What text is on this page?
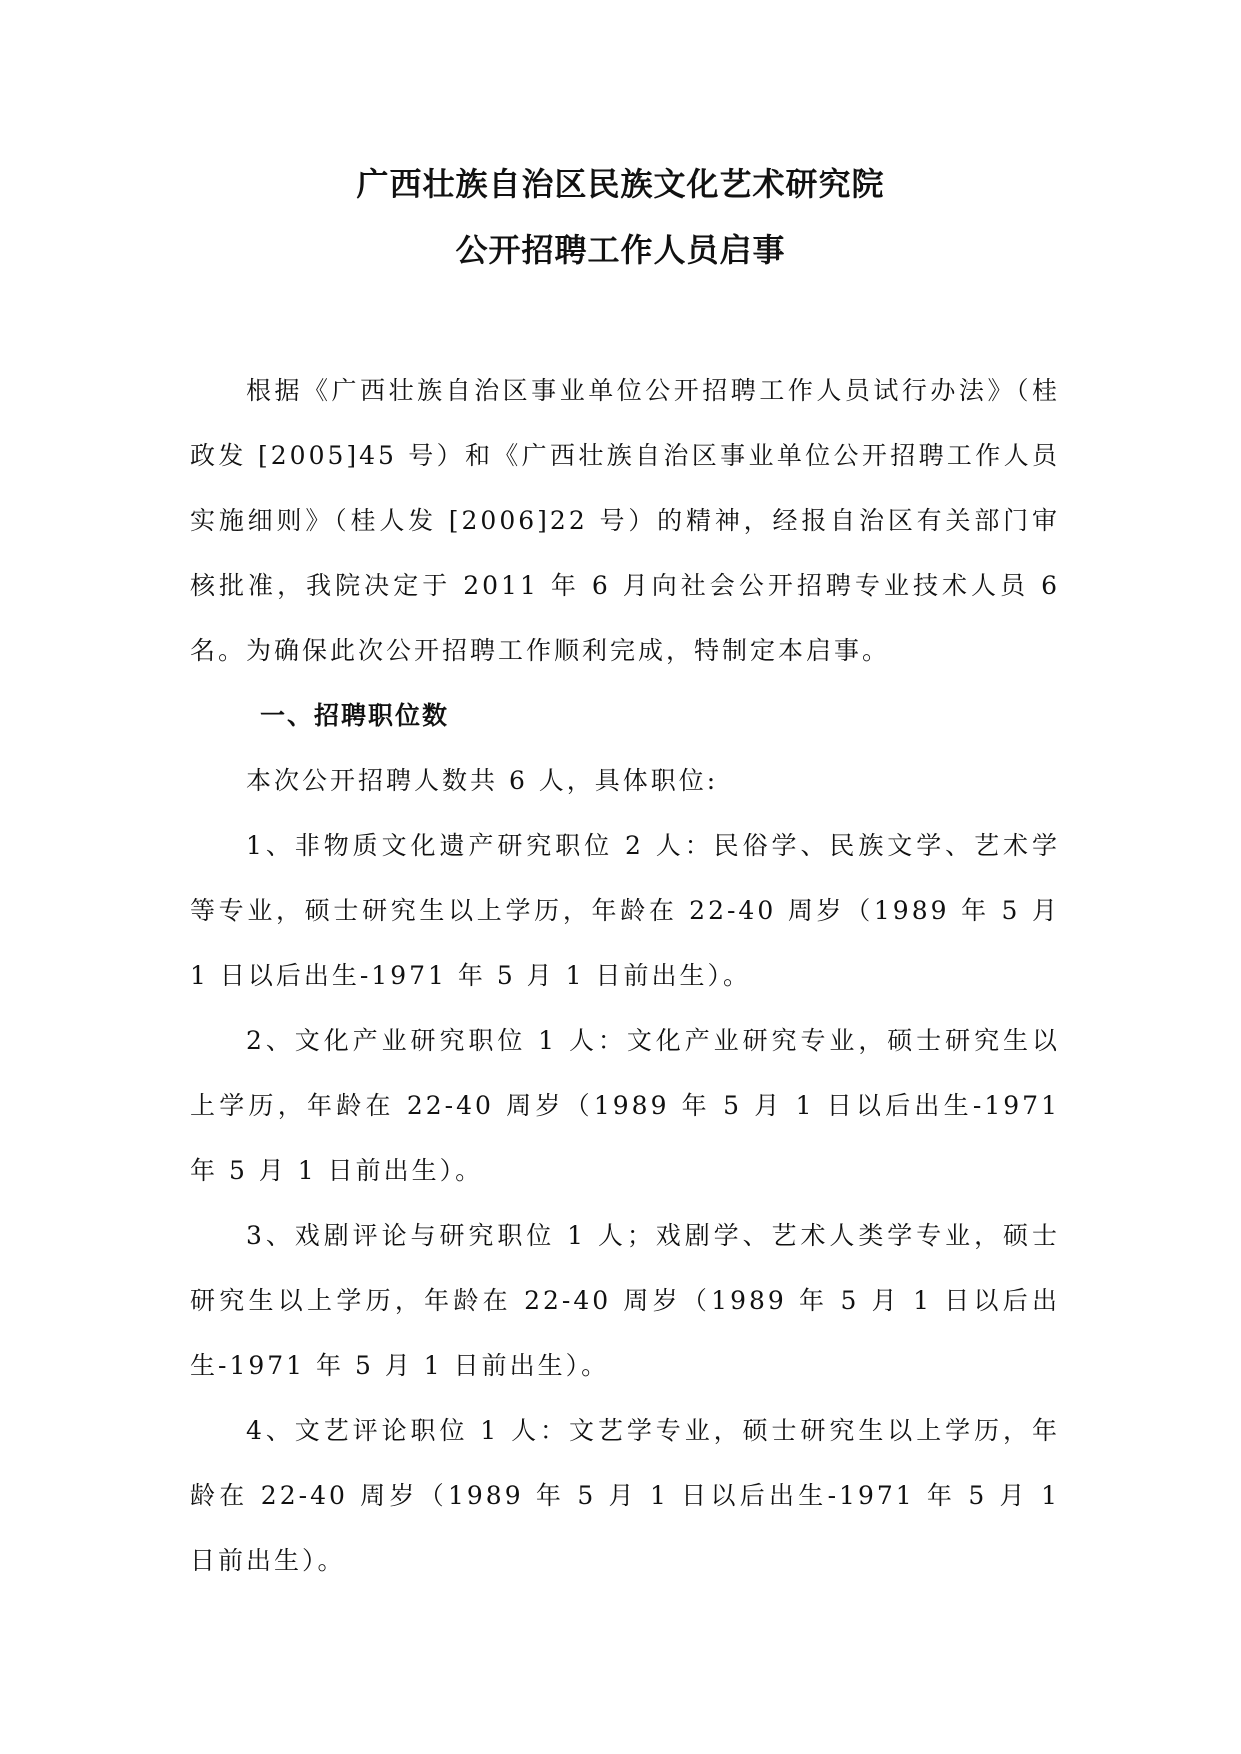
广西壮族自治区民族文化艺术研究院
公开招聘工作人员启事

根据《广西壮族自治区事业单位公开招聘工作人员试行办法》（桂政发 [2005]45 号）和《广西壮族自治区事业单位公开招聘工作人员实施细则》（桂人发 [2006]22 号）的精神，经报自治区有关部门审核批准，我院决定于 2011 年 6 月向社会公开招聘专业技术人员 6 名。为确保此次公开招聘工作顺利完成，特制定本启事。

一、招聘职位数

本次公开招聘人数共 6 人，具体职位:

1、非物质文化遗产研究职位 2 人：民俗学、民族文学、艺术学等专业，硕士研究生以上学历，年龄在 22-40 周岁（1989 年 5 月 1 日以后出生-1971 年 5 月 1 日前出生）。

2、文化产业研究职位 1 人：文化产业研究专业，硕士研究生以上学历，年龄在 22-40 周岁（1989 年 5 月 1 日以后出生-1971 年 5 月 1 日前出生）。

3、戏剧评论与研究职位 1 人；戏剧学、艺术人类学专业，硕士研究生以上学历，年龄在 22-40 周岁（1989 年 5 月 1 日以后出生-1971 年 5 月 1 日前出生）。

4、文艺评论职位 1 人：文艺学专业，硕士研究生以上学历，年龄在 22-40 周岁（1989 年 5 月 1 日以后出生-1971 年 5 月 1 日前出生）。
